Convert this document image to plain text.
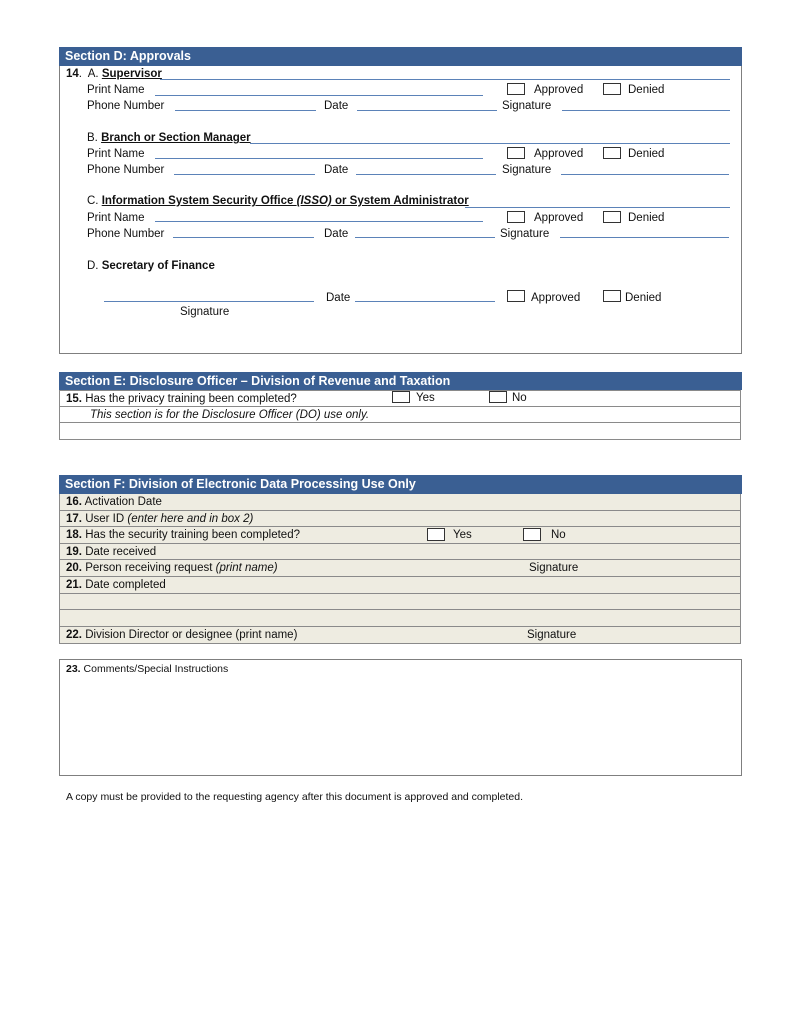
Section D: Approvals
14.  A. Supervisor
Print Name	Approved	Denied
Phone Number	Date	Signature
B. Branch or Section Manager
Print Name	Approved	Denied
Phone Number	Date	Signature
C. Information System Security Office (ISSO) or System Administrator
Print Name	Approved	Denied
Phone Number	Date	Signature
D. Secretary of Finance
Signature
Date	Approved	Denied
Section E: Disclosure Officer – Division of Revenue and Taxation
15. Has the privacy training been completed?	Yes	No
This section is for the Disclosure Officer (DO) use only.
Section F: Division of Electronic Data Processing Use Only
16. Activation Date
17. User ID (enter here and in box 2)
18. Has the security training been completed?	Yes	No
19. Date received
20. Person receiving request (print name)	Signature
21. Date completed
22. Division Director or designee (print name)	Signature
23. Comments/Special Instructions
A copy must be provided to the requesting agency after this document is approved and completed.
